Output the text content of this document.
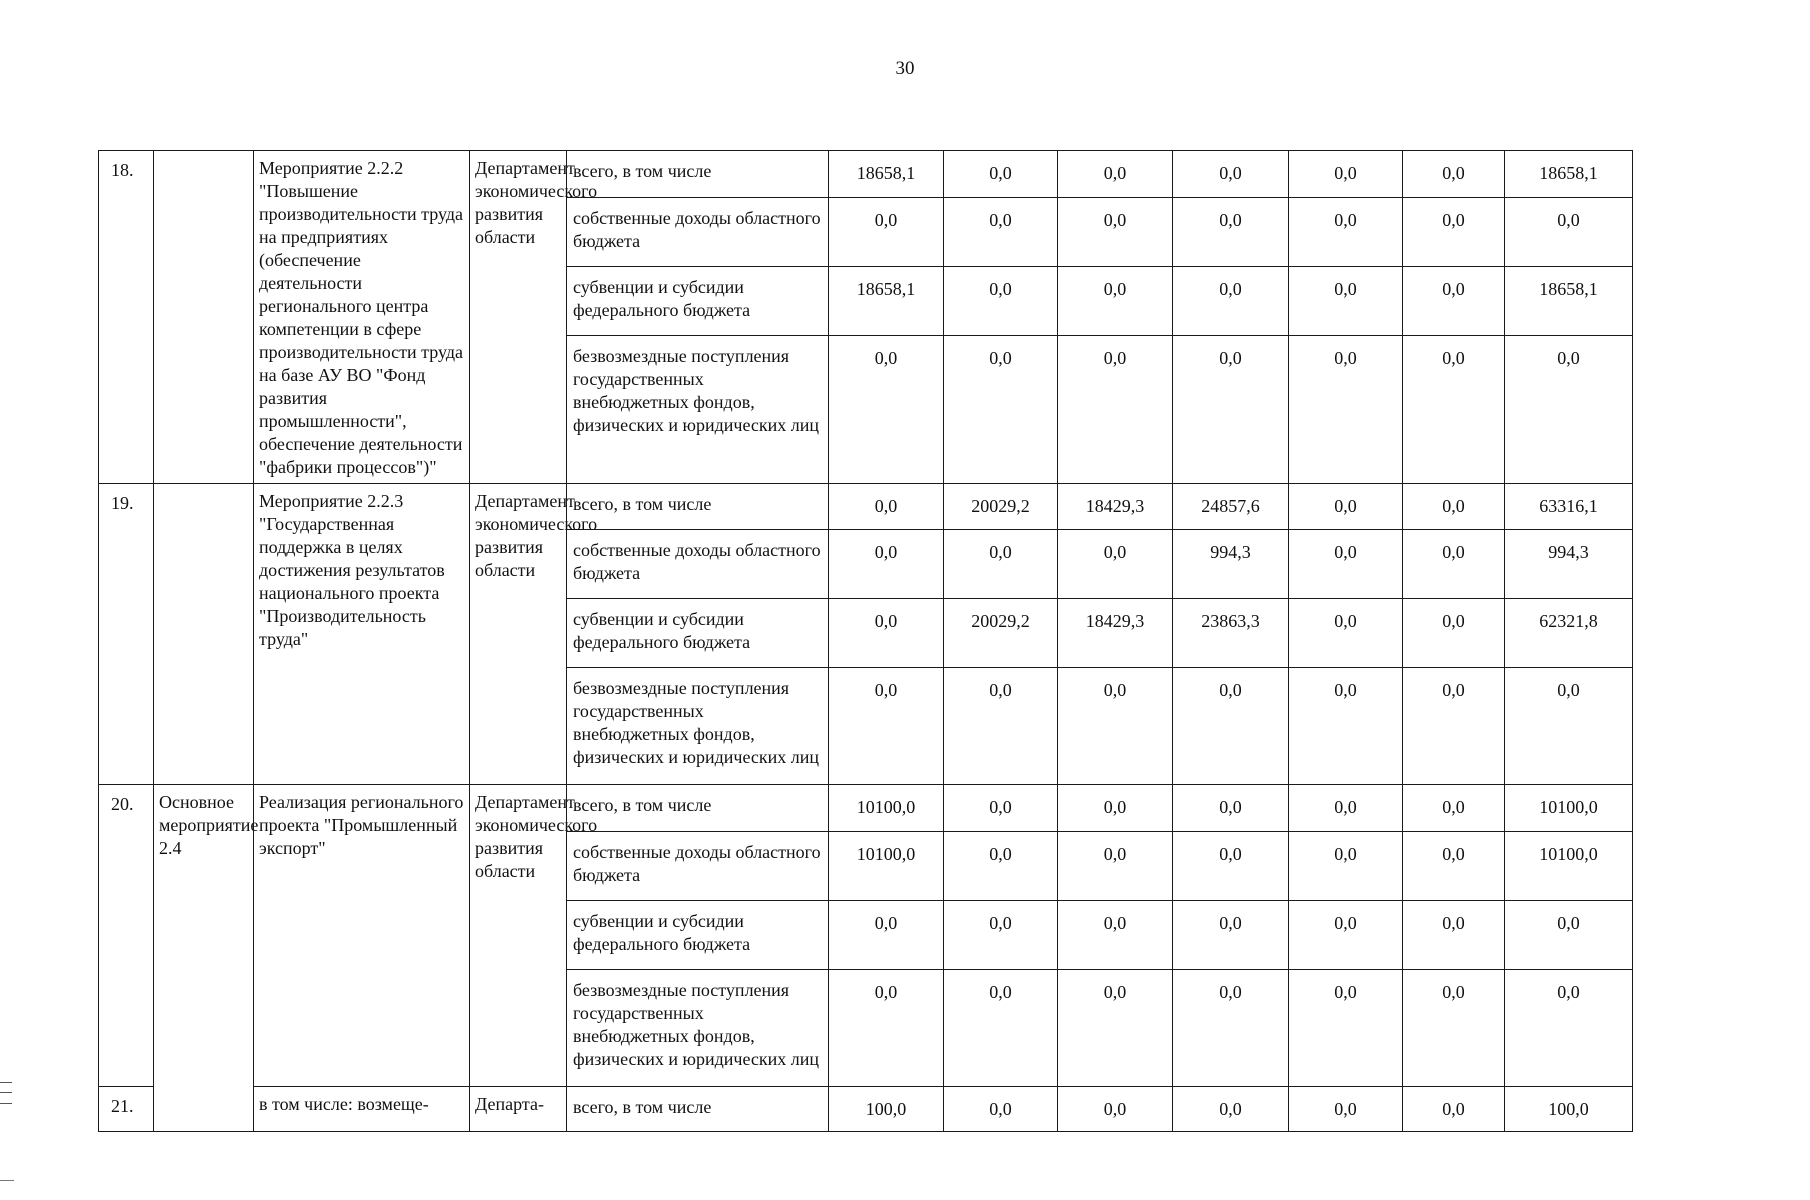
30
18.		Мероприятие 2.2.2 "Повышение производительности труда на предприятиях (обеспечение деятельности регионального центра компетенции в сфере производительности труда на базе АУ ВО "Фонд развития промышленности", обеспечение деятельности "фабрики процессов")"	Департамент экономического развития области	всего, в том числе	18658,1	0,0	0,0	0,0	0,0	0,0	18658,1
				собственные доходы областного бюджета	0,0	0,0	0,0	0,0	0,0	0,0	0,0
				субвенции и субсидии федерального бюджета	18658,1	0,0	0,0	0,0	0,0	0,0	18658,1
				безвозмездные поступления государственных внебюджетных фондов, физических и юридических лиц	0,0	0,0	0,0	0,0	0,0	0,0	0,0
19.		Мероприятие 2.2.3 "Государственная поддержка в целях достижения результатов национального проекта "Производительность труда"	Департамент экономического развития области	всего, в том числе	0,0	20029,2	18429,3	24857,6	0,0	0,0	63316,1
				собственные доходы областного бюджета	0,0	0,0	0,0	994,3	0,0	0,0	994,3
				субвенции и субсидии федерального бюджета	0,0	20029,2	18429,3	23863,3	0,0	0,0	62321,8
				безвозмездные поступления государственных внебюджетных фондов, физических и юридических лиц	0,0	0,0	0,0	0,0	0,0	0,0	0,0
20.	Основное мероприятие 2.4	Реализация регионального проекта "Промышленный экспорт"	Департамент экономического развития области	всего, в том числе	10100,0	0,0	0,0	0,0	0,0	0,0	10100,0
				собственные доходы областного бюджета	10100,0	0,0	0,0	0,0	0,0	0,0	10100,0
				субвенции и субсидии федерального бюджета	0,0	0,0	0,0	0,0	0,0	0,0	0,0
				безвозмездные поступления государственных внебюджетных фондов, физических и юридических лиц	0,0	0,0	0,0	0,0	0,0	0,0	0,0
21.		в том числе: возмеще-	Департа-	всего, в том числе	100,0	0,0	0,0	0,0	0,0	0,0	100,0
